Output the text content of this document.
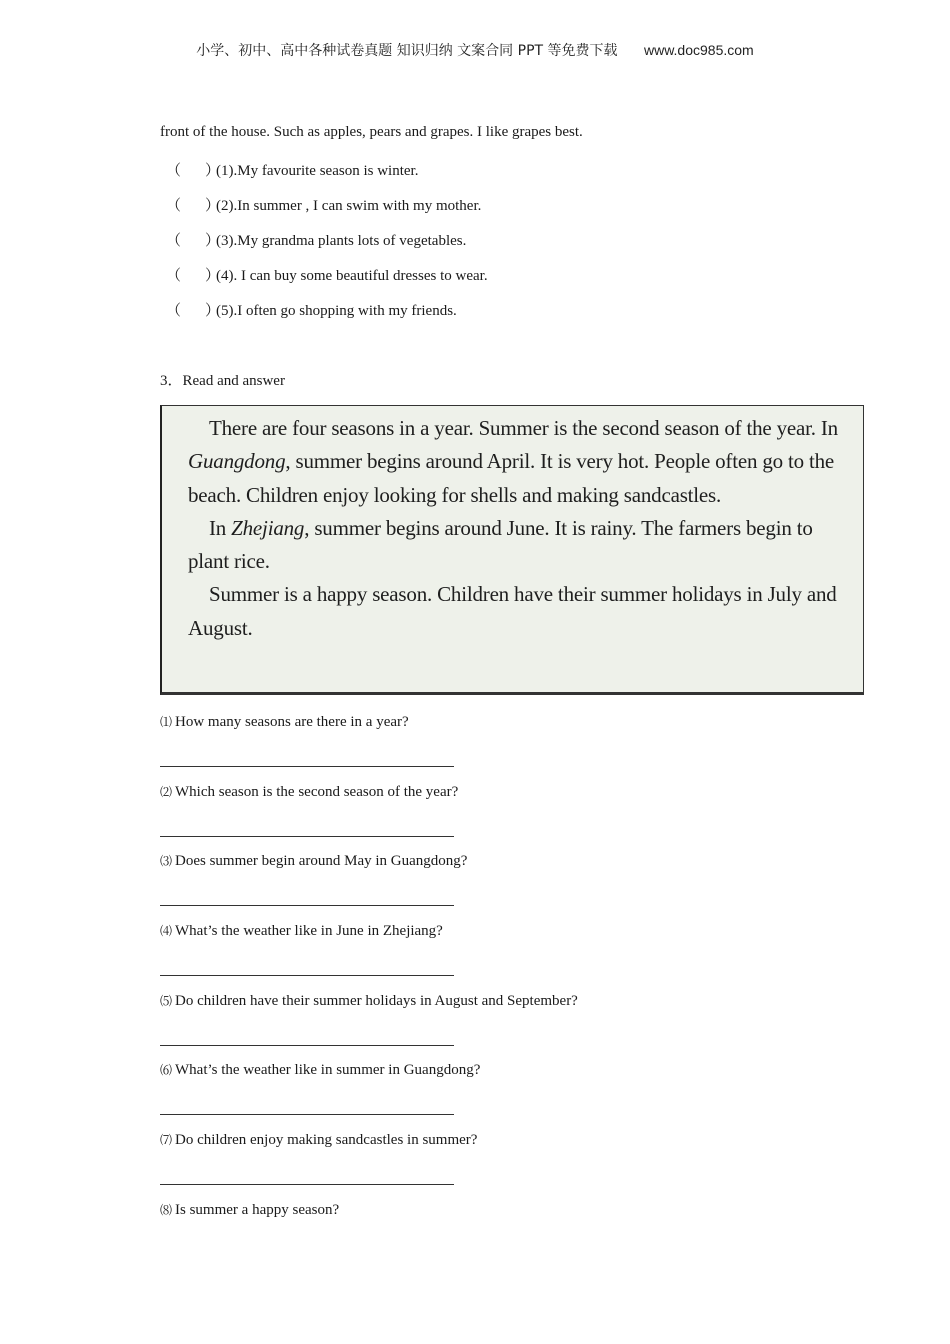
小学、初中、高中各种试卷真题 知识归纳 文案合同 PPT 等免费下载 www.doc985.com
front of the house. Such as apples, pears and grapes. I like grapes best.
（ ）(1).My favourite season is winter.
（ ）(2).In summer , I can swim with my mother.
（ ）(3).My grandma plants lots of vegetables.
（ ）(4). I can buy some beautiful dresses to wear.
（ ）(5).I often go shopping with my friends.
3．Read and answer

There are four seasons in a year. Summer is the second season of the year. In Guangdong, summer begins around April. It is very hot. People often go to the beach. Children enjoy looking for shells and making sandcastles.

In Zhejiang, summer begins around June. It is rainy. The farmers begin to plant rice.

Summer is a happy season. Children have their summer holidays in July and August.

⑴ How many seasons are there in a year?
⑵ Which season is the second season of the year?
⑶ Does summer begin around May in Guangdong?
⑷ What’s the weather like in June in Zhejiang?
⑸ Do children have their summer holidays in August and September?
⑹ What’s the weather like in summer in Guangdong?
⑺ Do children enjoy making sandcastles in summer?
⑻ Is summer a happy season?
